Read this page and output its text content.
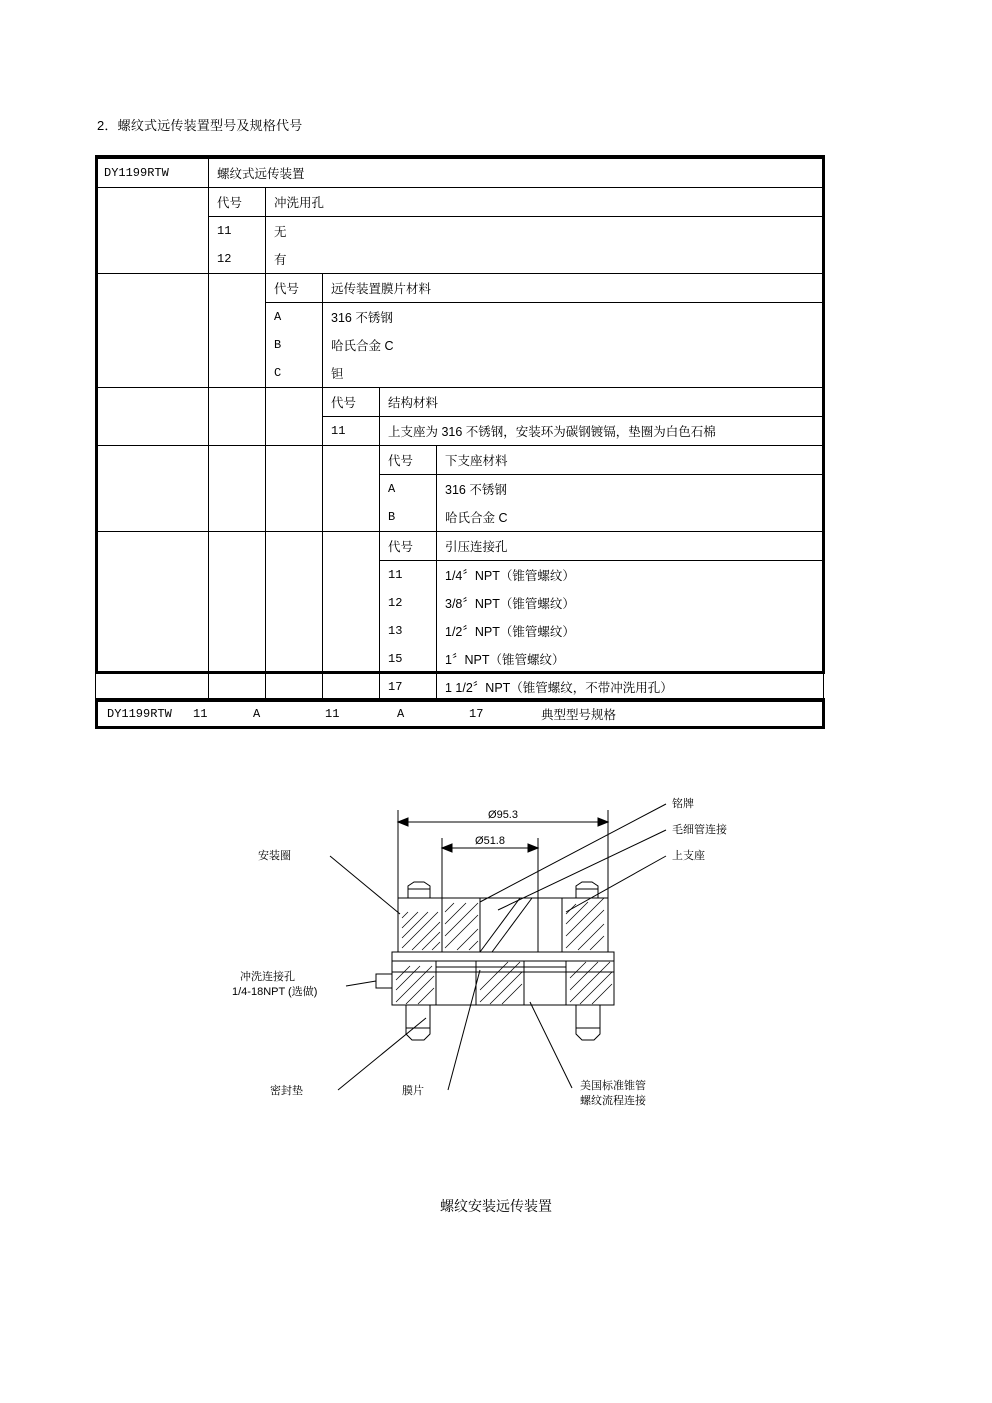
2．螺纹式远传装置型号及规格代号
DY1199RTW	螺纹式远传装置				
	代号	冲洗用孔			
	11	无			
	12	有			
		代号	远传装置膜片材料		
		A	316 不锈钢		
		B	哈氏合金 C		
		C	钽		
			代号	结构材料	
			11	上支座为 316 不锈钢，安装环为碳钢镀镉，垫圈为白色石棉	
				代号	下支座材料
				A	316 不锈钢
				B	哈氏合金 C
				代号	引压连接孔
				11	1/4〞NPT（锥管螺纹）
				12	3/8〞NPT（锥管螺纹）
				13	1/2〞NPT（锥管螺纹）
				15	1〞NPT（锥管螺纹）
				17	1 1/2〞NPT（锥管螺纹，不带冲洗用孔）
DY1199RTW	11	A	11	A	17	典型型号规格
Ø95.3
Ø51.8
铭牌
毛细管连接
上支座
安装圈
冲洗连接孔
1/4-18NPT (选做)
密封垫	膜片	美国标准锥管
螺纹流程连接
螺纹安装远传装置
